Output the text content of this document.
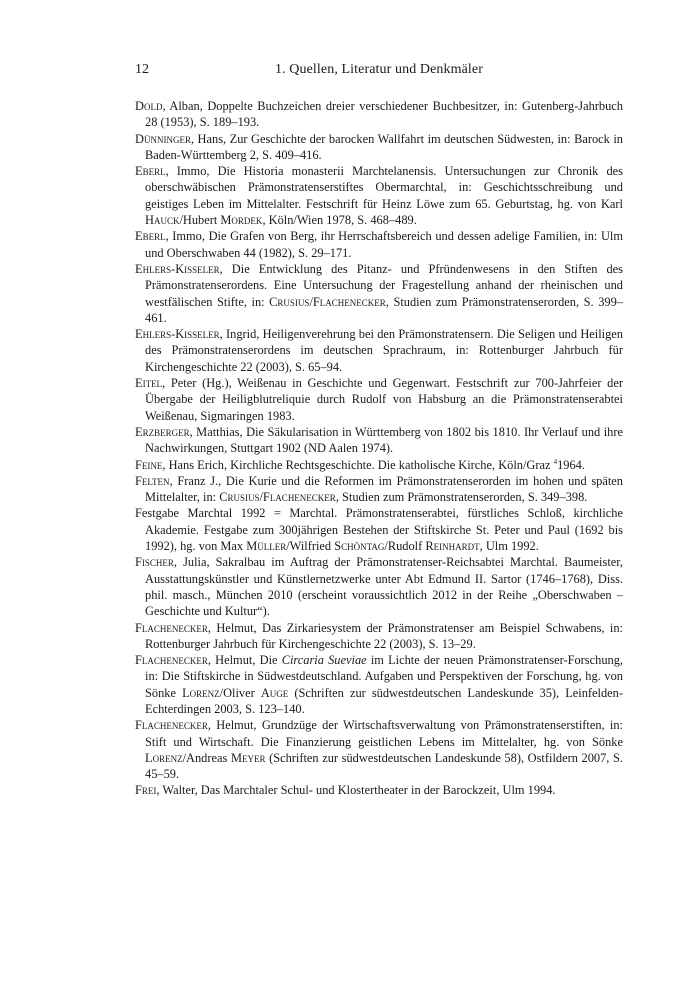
12	1. Quellen, Literatur und Denkmäler

Dold, Alban, Doppelte Buchzeichen dreier verschiedener Buchbesitzer, in: Gutenberg-Jahrbuch 28 (1953), S. 189–193.

Dünninger, Hans, Zur Geschichte der barocken Wallfahrt im deutschen Südwesten, in: Barock in Baden-Württemberg 2, S. 409–416.

Eberl, Immo, Die Historia monasterii Marchtelanensis. Untersuchungen zur Chronik des oberschwäbischen Prämonstratenserstiftes Obermarchtal, in: Geschichtsschreibung und geistiges Leben im Mittelalter. Festschrift für Heinz Löwe zum 65. Geburtstag, hg. von Karl Hauck/Hubert Mordek, Köln/Wien 1978, S. 468–489.

Eberl, Immo, Die Grafen von Berg, ihr Herrschaftsbereich und dessen adelige Familien, in: Ulm und Oberschwaben 44 (1982), S. 29–171.

Ehlers-Kisseler, Die Entwicklung des Pitanz- und Pfründenwesens in den Stiften des Prämonstratenserordens. Eine Untersuchung der Fragestellung anhand der rheinischen und westfälischen Stifte, in: Crusius/Flachenecker, Studien zum Prämonstratenserorden, S. 399–461.

Ehlers-Kisseler, Ingrid, Heiligenverehrung bei den Prämonstratensern. Die Seligen und Heiligen des Prämonstratenserordens im deutschen Sprachraum, in: Rottenburger Jahrbuch für Kirchengeschichte 22 (2003), S. 65–94.

Eitel, Peter (Hg.), Weißenau in Geschichte und Gegenwart. Festschrift zur 700-Jahrfeier der Übergabe der Heiligblutreliquie durch Rudolf von Habsburg an die Prämonstratenserabtei Weißenau, Sigmaringen 1983.

Erzberger, Matthias, Die Säkularisation in Württemberg von 1802 bis 1810. Ihr Verlauf und ihre Nachwirkungen, Stuttgart 1902 (ND Aalen 1974).

Feine, Hans Erich, Kirchliche Rechtsgeschichte. Die katholische Kirche, Köln/Graz $^4$1964.

Felten, Franz J., Die Kurie und die Reformen im Prämonstratenserorden im hohen und späten Mittelalter, in: Crusius/Flachenecker, Studien zum Prämonstratenserorden, S. 349–398.

Festgabe Marchtal 1992 = Marchtal. Prämonstratenserabtei, fürstliches Schloß, kirchliche Akademie. Festgabe zum 300jährigen Bestehen der Stiftskirche St. Peter und Paul (1692 bis 1992), hg. von Max Müller/Wilfried Schöntag/Rudolf Reinhardt, Ulm 1992.

Fischer, Julia, Sakralbau im Auftrag der Prämonstratenser-Reichsabtei Marchtal. Baumeister, Ausstattungskünstler und Künstlernetzwerke unter Abt Edmund II. Sartor (1746–1768), Diss. phil. masch., München 2010 (erscheint voraussichtlich 2012 in der Reihe „Oberschwaben – Geschichte und Kultur“).

Flachenecker, Helmut, Das Zirkariesystem der Prämonstratenser am Beispiel Schwabens, in: Rottenburger Jahrbuch für Kirchengeschichte 22 (2003), S. 13–29.

Flachenecker, Helmut, Die Circaria Sueviae im Lichte der neuen Prämonstratenser-Forschung, in: Die Stiftskirche in Südwestdeutschland. Aufgaben und Perspektiven der Forschung, hg. von Sönke Lorenz/Oliver Auge (Schriften zur südwestdeutschen Landeskunde 35), Leinfelden-Echterdingen 2003, S. 123–140.

Flachenecker, Helmut, Grundzüge der Wirtschaftsverwaltung von Prämonstratenserstiften, in: Stift und Wirtschaft. Die Finanzierung geistlichen Lebens im Mittelalter, hg. von Sönke Lorenz/Andreas Meyer (Schriften zur südwestdeutschen Landeskunde 58), Ostfildern 2007, S. 45–59.

Frei, Walter, Das Marchtaler Schul- und Klostertheater in der Barockzeit, Ulm 1994.
